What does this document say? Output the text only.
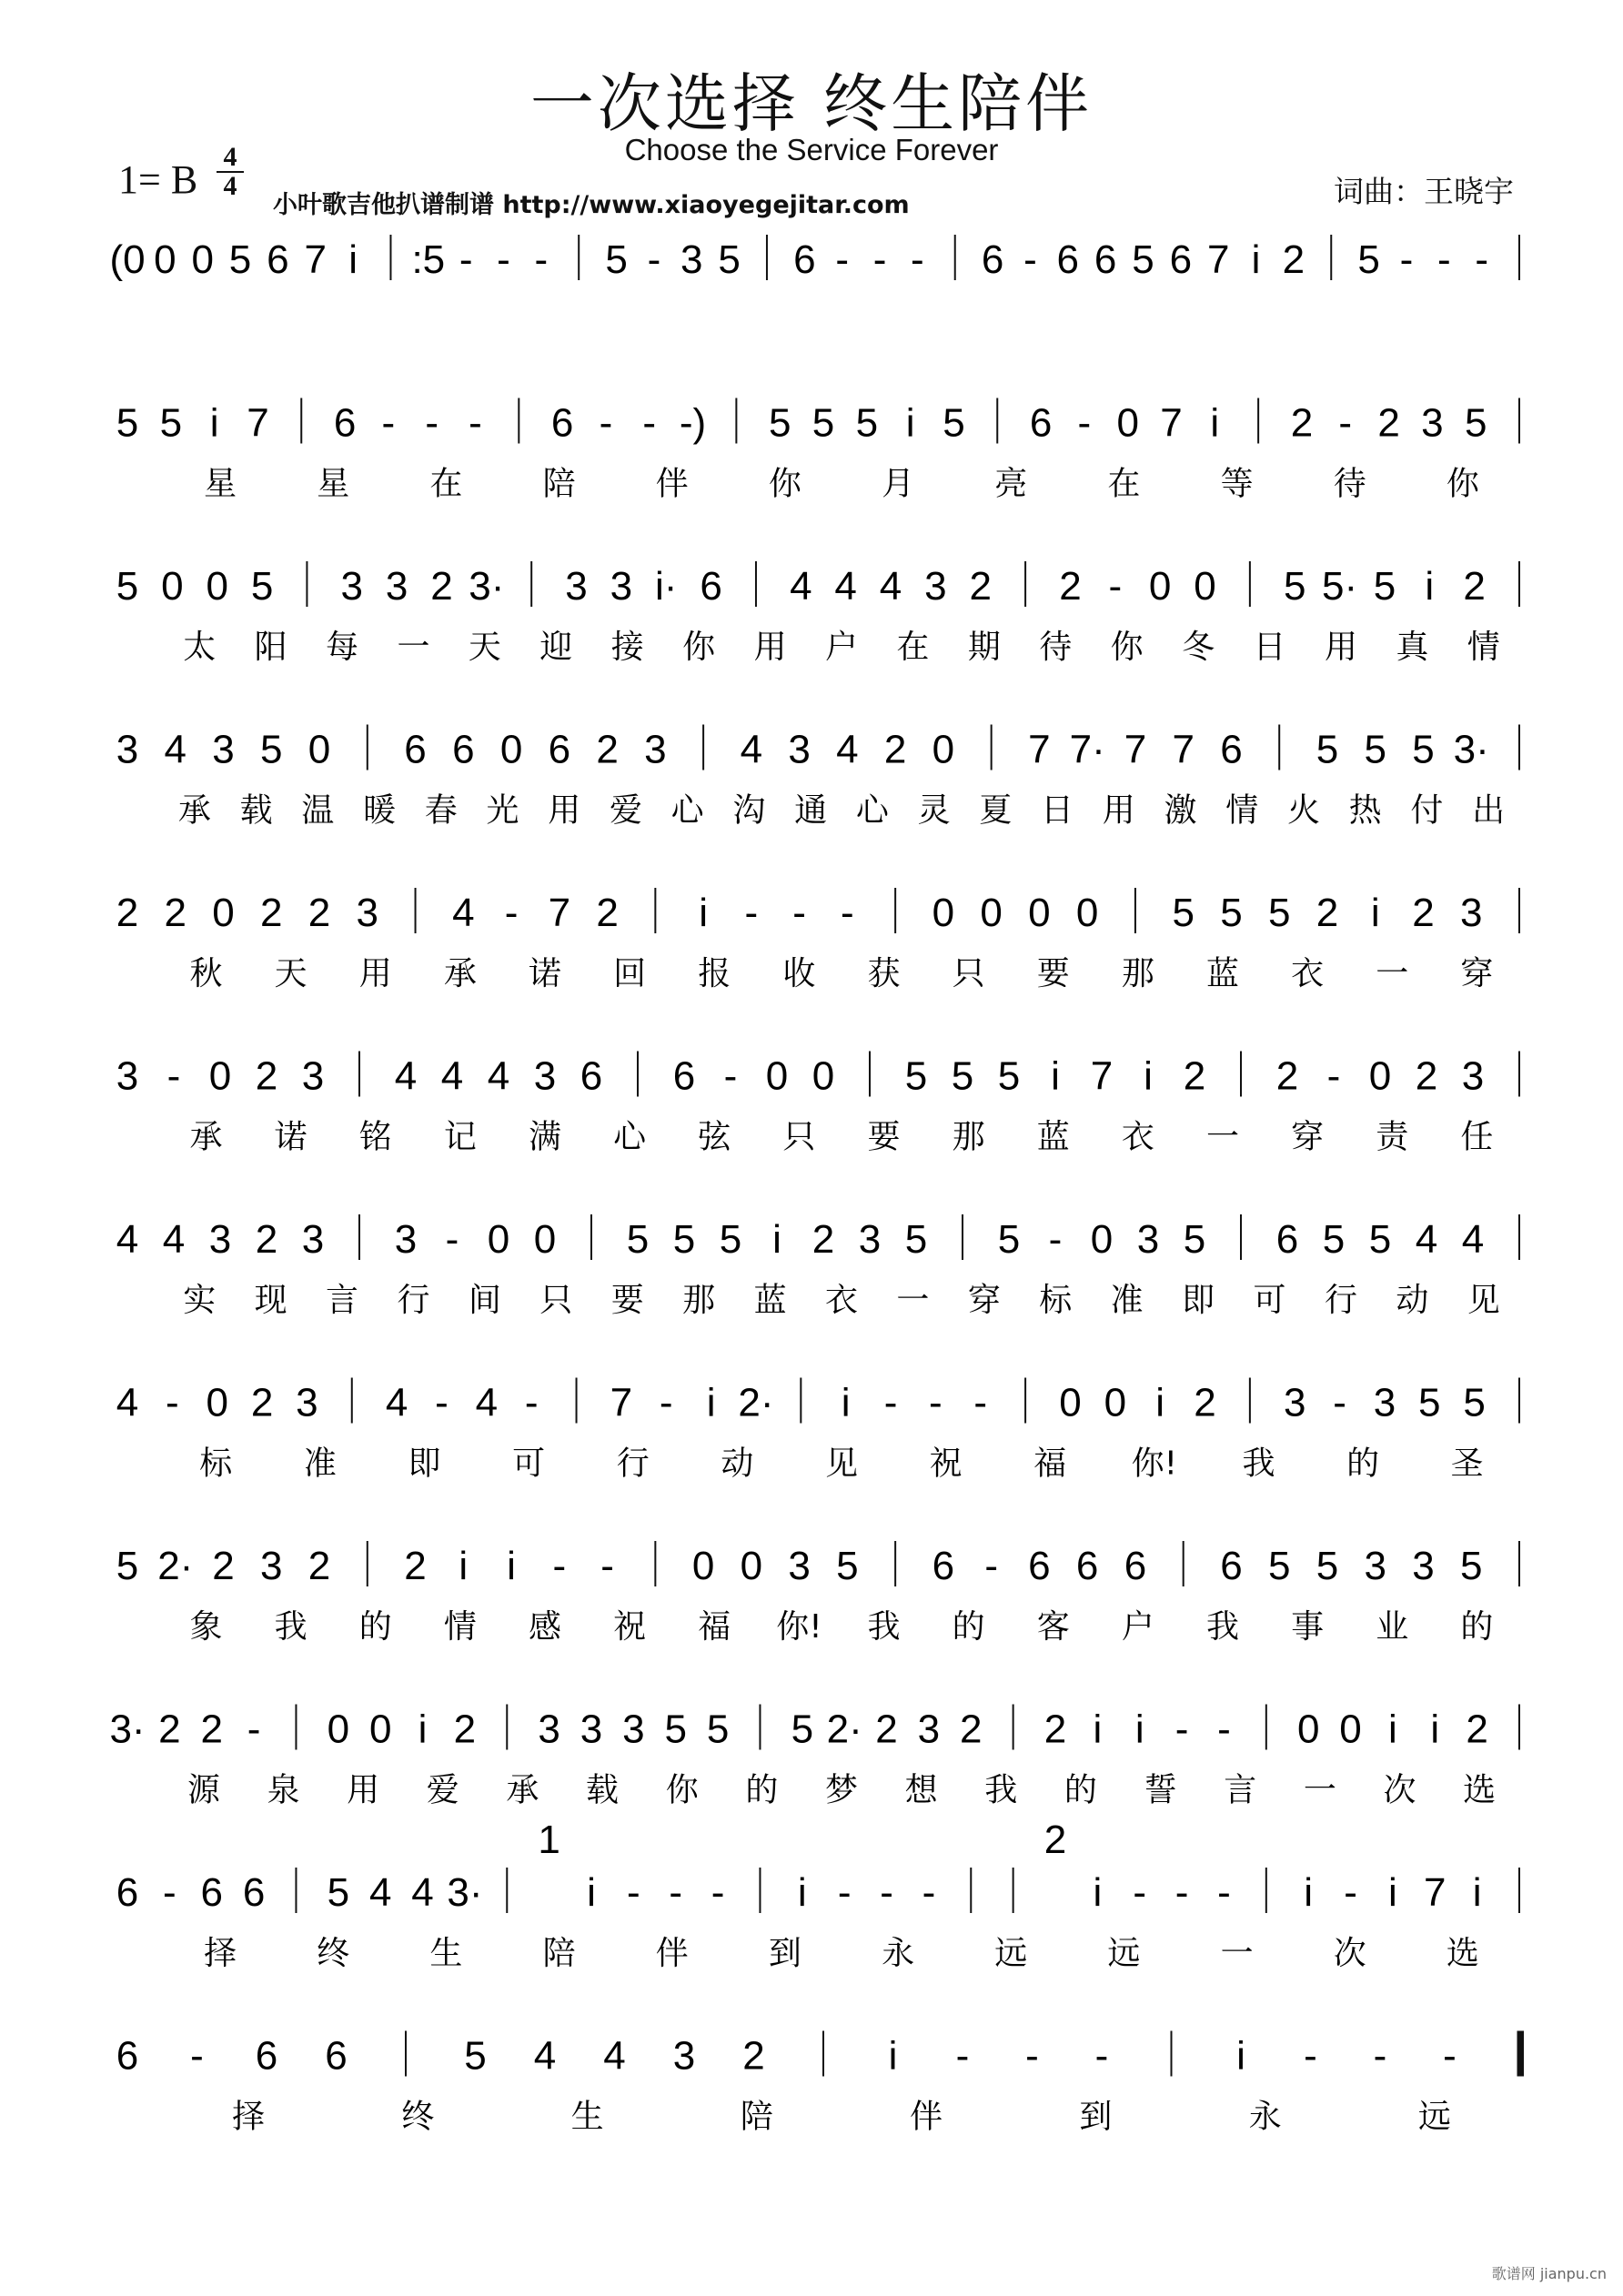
一次选择 终生陪伴
Choose the Service Forever
1= B
4
4
小叶歌吉他扒谱制谱 http://www.xiaoyegejitar.com	词曲：王晓宇
(0 0 0 5 6 7 i :5 - - - 5 - 3 5 6 - - - 6 - 6 6 5 6 7 i 2 5 - - -
5 5 i 7 6 - - - 6 - - -) 5 5 5 i 5 6 - 0 7 i 2 - 2 3 5
星 星 在 陪 伴 你 月 亮 在 等 待 你
5 0 0 5 3 3 2 3· 3 3 i· 6 4 4 4 3 2 2 - 0 0 5 5· 5 i 2
太 阳 每 一 天 迎 接 你 用 户 在 期 待 你 冬 日 用 真 情
3 4 3 5 0 6 6 0 6 2 3 4 3 4 2 0 7 7· 7 7 6 5 5 5 3·
承 载 温 暖 春 光 用 爱 心 沟 通 心 灵 夏 日 用 激 情 火 热 付 出
2 2 0 2 2 3 4 - 7 2 i - - - 0 0 0 0 5 5 5 2 i 2 3
秋 天 用 承 诺 回 报 收 获 只 要 那 蓝 衣 一 穿
3 - 0 2 3 4 4 4 3 6 6 - 0 0 5 5 5 i 7 i 2 2 - 0 2 3
承 诺 铭 记 满 心 弦 只 要 那 蓝 衣 一 穿 责 任
4 4 3 2 3 3 - 0 0 5 5 5 i 2 3 5 5 - 0 3 5 6 5 5 4 4
实 现 言 行 间 只 要 那 蓝 衣 一 穿 标 准 即 可 行 动 见
4 - 0 2 3 4 - 4 - 7 - i 2· i - - - 0 0 i 2 3 - 3 5 5
标 准 即 可 行 动 见 祝 福 你! 我 的 圣
5 2· 2 3 2 2 i i - - 0 0 3 5 6 - 6 6 6 6 5 5 3 3 5
象 我 的 情 感 祝 福 你! 我 的 客 户 我 事 业 的
3· 2 2 - 0 0 i 2 3 3 3 5 5 5 2· 2 3 2 2 i i - - 0 0 i i 2
源 泉 用 爱 承 载 你 的 梦 想 我 的 誓 言 一 次 选
6 - 6 6 5 4 4 3·
1
i - - - i - - -
2
i - - - i - i 7 i
择 终 生 陪 伴 到 永 远 远 一 次 选
6 - 6 6	5 4 4 3 2	i - - -	i - - -
择	终	生	陪	伴	到	永	远
歌谱网 jianpu.cn
